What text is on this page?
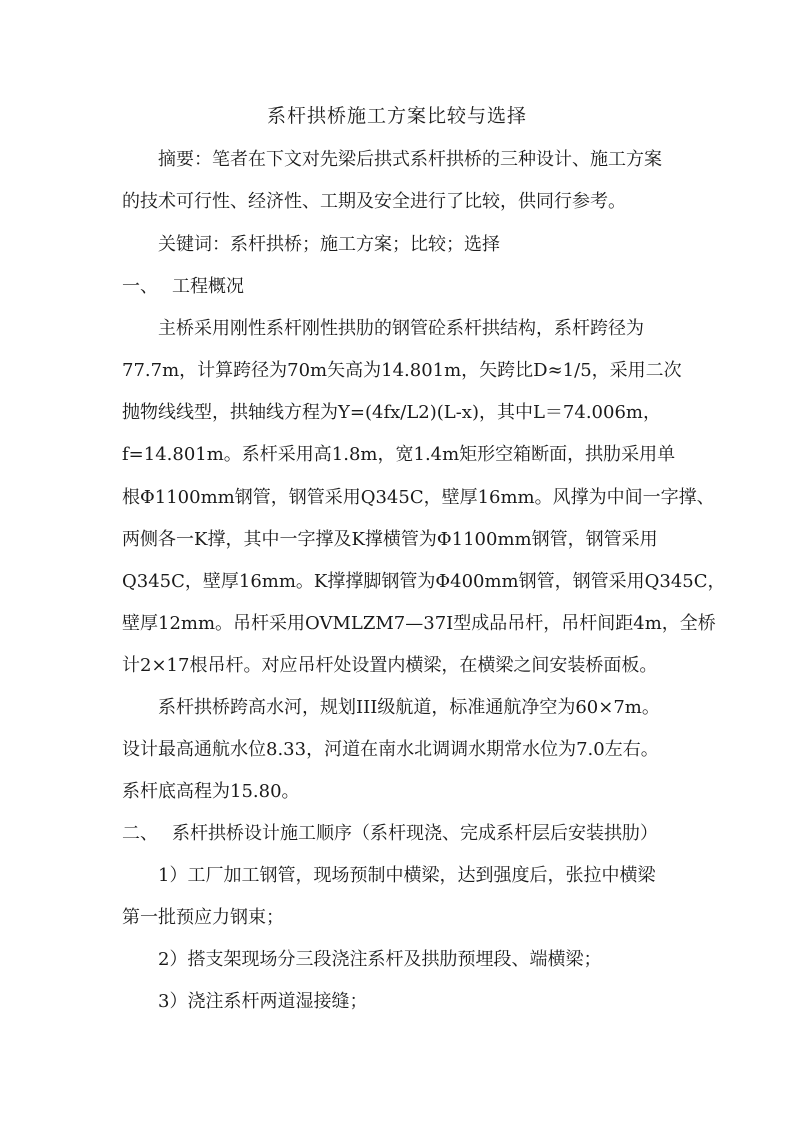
系杆拱桥施工方案比较与选择
摘要：笔者在下文对先梁后拱式系杆拱桥的三种设计、施工方案
的技术可行性、经济性、工期及安全进行了比较，供同行参考。
关键词：系杆拱桥；施工方案；比较；选择
一、 工程概况
主桥采用刚性系杆刚性拱肋的钢管砼系杆拱结构，系杆跨径为
77.7m，计算跨径为70m矢高为14.801m，矢跨比D≈1/5，采用二次
抛物线线型，拱轴线方程为Y=(4fx/L2)(L-x)，其中L＝74.006m，
f=14.801m。系杆采用高1.8m，宽1.4m矩形空箱断面，拱肋采用单
根Φ1100mm钢管，钢管采用Q345C，壁厚16mm。风撑为中间一字撑、
两侧各一K撑，其中一字撑及K撑横管为Φ1100mm钢管，钢管采用
Q345C，壁厚16mm。K撑撑脚钢管为Φ400mm钢管，钢管采用Q345C，
壁厚12mm。吊杆采用OVMLZM7—37I型成品吊杆，吊杆间距4m，全桥
计2×17根吊杆。对应吊杆处设置内横梁，在横梁之间安装桥面板。
系杆拱桥跨高水河，规划III级航道，标准通航净空为60×7m。
设计最高通航水位8.33，河道在南水北调调水期常水位为7.0左右。
系杆底高程为15.80。
二、 系杆拱桥设计施工顺序（系杆现浇、完成系杆层后安装拱肋）
1）工厂加工钢管，现场预制中横梁，达到强度后，张拉中横梁
第一批预应力钢束；
2）搭支架现场分三段浇注系杆及拱肋预埋段、端横梁；
3）浇注系杆两道湿接缝；
